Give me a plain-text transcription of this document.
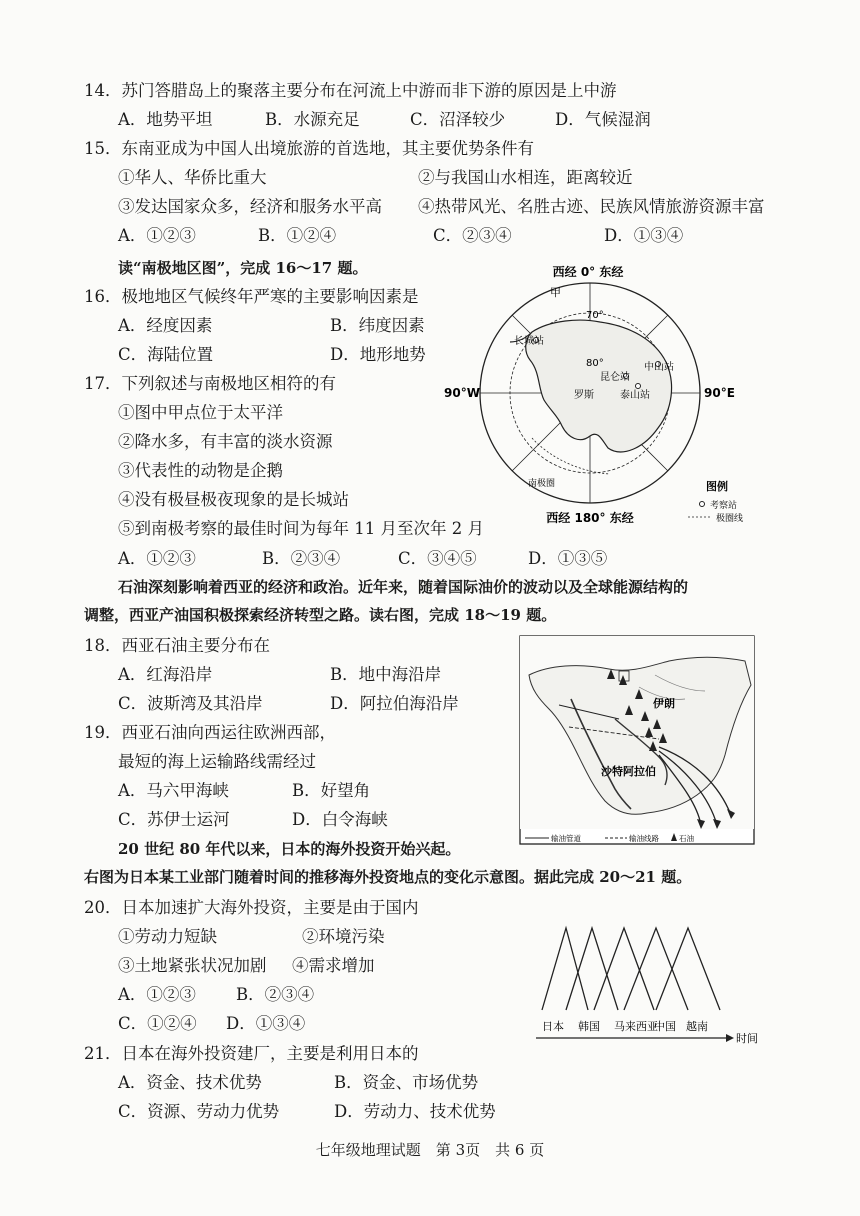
14．苏门答腊岛上的聚落主要分布在河流上中游而非下游的原因是上中游
A．地势平坦	B．水源充足	C．沼泽较少	D．气候湿润
15．东南亚成为中国人出境旅游的首选地，其主要优势条件有
①华人、华侨比重大	②与我国山水相连，距离较近
③发达国家众多，经济和服务水平高 ④热带风光、名胜古迹、民族风情旅游资源丰富
A．①②③	B．①②④	C．②③④	D．①③④
读“南极地区图”，完成 16～17 题。
16．极地地区气候终年严寒的主要影响因素是
A．经度因素	B．纬度因素
C．海陆位置	D．地形地势
17．下列叙述与南极地区相符的有
①图中甲点位于太平洋
②降水多，有丰富的淡水资源
③代表性的动物是企鹅
④没有极昼极夜现象的是长城站
⑤到南极考察的最佳时间为每年 11 月至次年 2 月
A．①②③	B．②③④	C．③④⑤	D．①③⑤
西经 0° 东经
甲
70°
80°
长城站
中山站
昆仑站
泰山站
罗斯
南极圈
90°W	90°E
西经 180° 东经
图例
考察站
极圈线
石油深刻影响着西亚的经济和政治。近年来，随着国际油价的波动以及全球能源结构的
调整，西亚产油国积极探索经济转型之路。读右图，完成 18～19 题。
18．西亚石油主要分布在
A．红海沿岸	B．地中海沿岸
C．波斯湾及其沿岸	D．阿拉伯海沿岸
19．西亚石油向西运往欧洲西部，
最短的海上运输路线需经过
A．马六甲海峡	B．好望角
C．苏伊士运河	D．白令海峡
伊朗
沙特阿拉伯
输油管道	输油线路	石油
20 世纪 80 年代以来，日本的海外投资开始兴起。
右图为日本某工业部门随着时间的推移海外投资地点的变化示意图。据此完成 20～21 题。
20．日本加速扩大海外投资，主要是由于国内
①劳动力短缺	②环境污染
③土地紧张状况加剧 ④需求增加
A．①②③ B．②③④
C．①②④ D．①③④	日本 韩国 马来西亚
中国 越南
时间
21．日本在海外投资建厂，主要是利用日本的
A．资金、技术优势	B．资金、市场优势
C．资源、劳动力优势	D．劳动力、技术优势
七年级地理试题　第 3页　共 6 页
